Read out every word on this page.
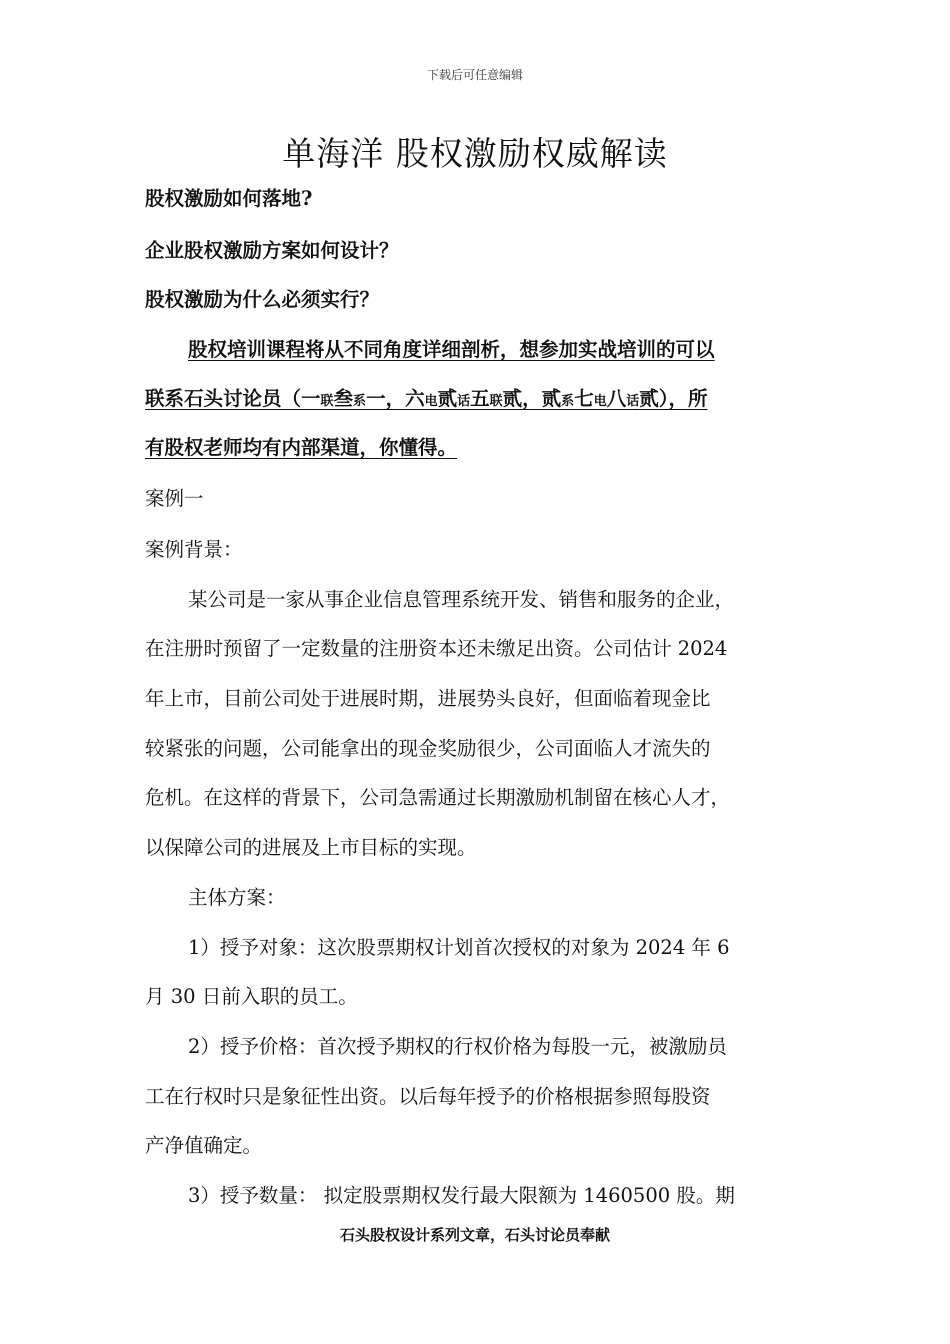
下载后可任意编辑
单海洋 股权激励权威解读
股权激励如何落地?
企业股权激励方案如何设计？
股权激励为什么必须实行？
股权培训课程将从不同角度详细剖析，想参加实战培训的可以
联系石头讨论员（一联叁系一，六电贰话五联贰，贰系七电八话贰），所
有股权老师均有内部渠道，你懂得。
案例一
案例背景：
某公司是一家从事企业信息管理系统开发、销售和服务的企业，
在注册时预留了一定数量的注册资本还未缴足出资。公司估计 2024
年上市，目前公司处于进展时期，进展势头良好，但面临着现金比
较紧张的问题，公司能拿出的现金奖励很少，公司面临人才流失的
危机。在这样的背景下，公司急需通过长期激励机制留在核心人才，
以保障公司的进展及上市目标的实现。
主体方案：
1）授予对象：这次股票期权计划首次授权的对象为 2024 年 6
月 30 日前入职的员工。
2）授予价格：首次授予期权的行权价格为每股一元，被激励员
工在行权时只是象征性出资。以后每年授予的价格根据参照每股资
产净值确定。
3）授予数量： 拟定股票期权发行最大限额为 1460500 股。期
石头股权设计系列文章，石头讨论员奉献
